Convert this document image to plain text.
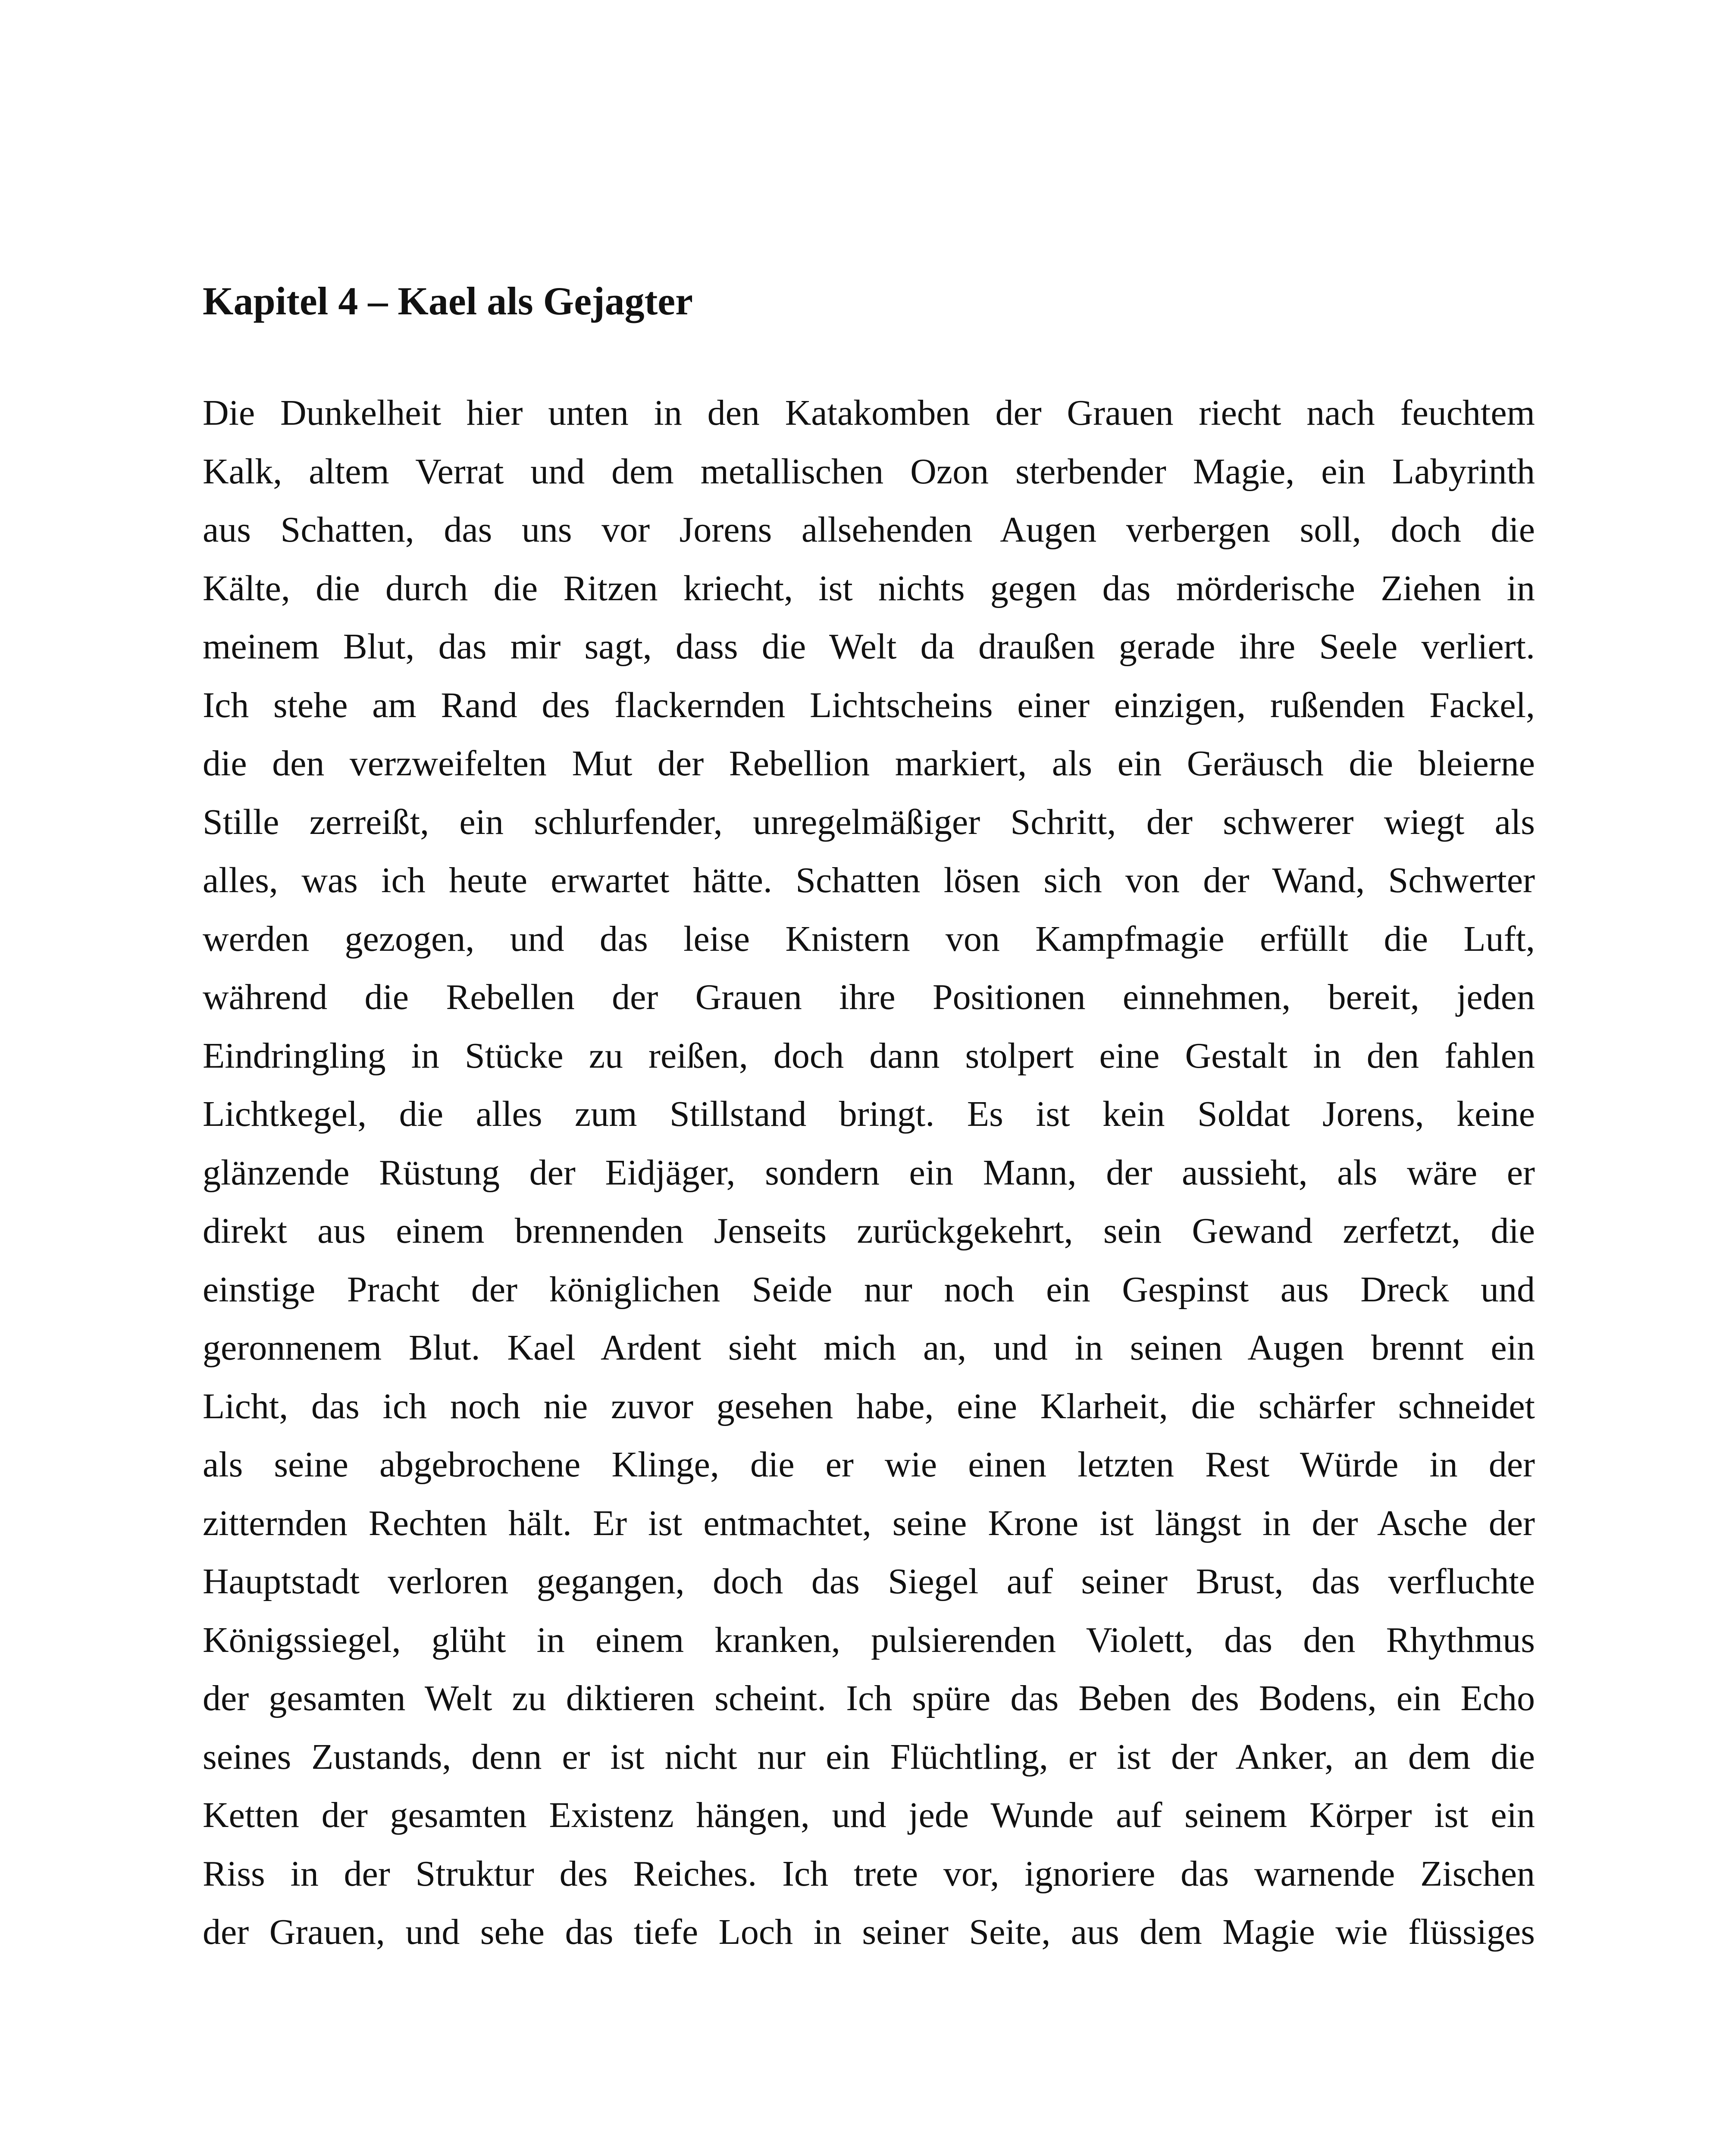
Kapitel 4 – Kael als Gejagter
Die Dunkelheit hier unten in den Katakomben der Grauen riecht nach feuchtem
Kalk, altem Verrat und dem metallischen Ozon sterbender Magie, ein Labyrinth
aus Schatten, das uns vor Jorens allsehenden Augen verbergen soll, doch die
Kälte, die durch die Ritzen kriecht, ist nichts gegen das mörderische Ziehen in
meinem Blut, das mir sagt, dass die Welt da draußen gerade ihre Seele verliert.
Ich stehe am Rand des flackernden Lichtscheins einer einzigen, rußenden Fackel,
die den verzweifelten Mut der Rebellion markiert, als ein Geräusch die bleierne
Stille zerreißt, ein schlurfender, unregelmäßiger Schritt, der schwerer wiegt als
alles, was ich heute erwartet hätte. Schatten lösen sich von der Wand, Schwerter
werden gezogen, und das leise Knistern von Kampfmagie erfüllt die Luft,
während die Rebellen der Grauen ihre Positionen einnehmen, bereit, jeden
Eindringling in Stücke zu reißen, doch dann stolpert eine Gestalt in den fahlen
Lichtkegel, die alles zum Stillstand bringt. Es ist kein Soldat Jorens, keine
glänzende Rüstung der Eidjäger, sondern ein Mann, der aussieht, als wäre er
direkt aus einem brennenden Jenseits zurückgekehrt, sein Gewand zerfetzt, die
einstige Pracht der königlichen Seide nur noch ein Gespinst aus Dreck und
geronnenem Blut. Kael Ardent sieht mich an, und in seinen Augen brennt ein
Licht, das ich noch nie zuvor gesehen habe, eine Klarheit, die schärfer schneidet
als seine abgebrochene Klinge, die er wie einen letzten Rest Würde in der
zitternden Rechten hält. Er ist entmachtet, seine Krone ist längst in der Asche der
Hauptstadt verloren gegangen, doch das Siegel auf seiner Brust, das verfluchte
Königssiegel, glüht in einem kranken, pulsierenden Violett, das den Rhythmus
der gesamten Welt zu diktieren scheint. Ich spüre das Beben des Bodens, ein Echo
seines Zustands, denn er ist nicht nur ein Flüchtling, er ist der Anker, an dem die
Ketten der gesamten Existenz hängen, und jede Wunde auf seinem Körper ist ein
Riss in der Struktur des Reiches. Ich trete vor, ignoriere das warnende Zischen
der Grauen, und sehe das tiefe Loch in seiner Seite, aus dem Magie wie flüssiges
